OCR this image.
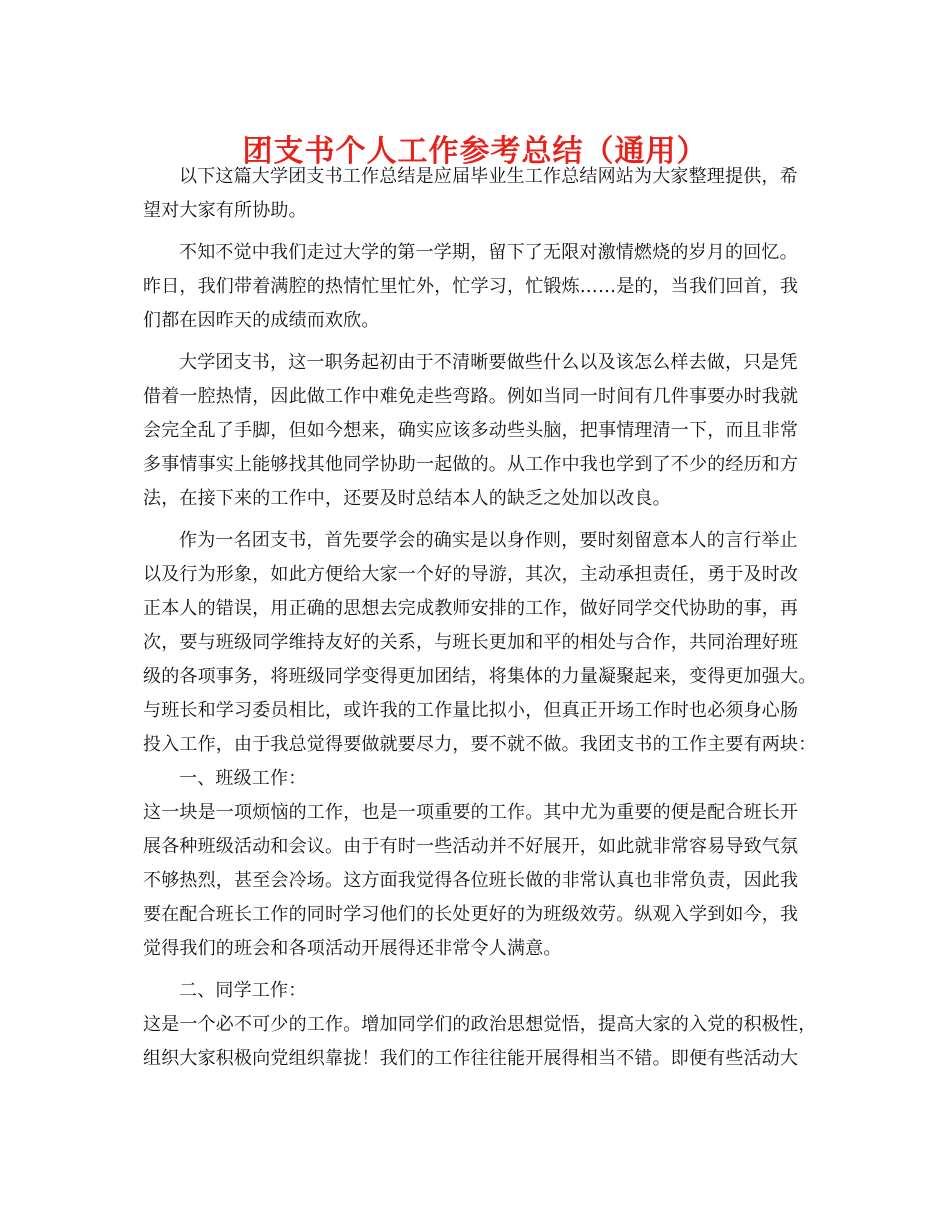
团支书个人工作参考总结（通用）
以下这篇大学团支书工作总结是应届毕业生工作总结网站为大家整理提供，希
望对大家有所协助。
不知不觉中我们走过大学的第一学期，留下了无限对激情燃烧的岁月的回忆。
昨日，我们带着满腔的热情忙里忙外，忙学习，忙锻炼……是的，当我们回首，我
们都在因昨天的成绩而欢欣。
大学团支书，这一职务起初由于不清晰要做些什么以及该怎么样去做，只是凭
借着一腔热情，因此做工作中难免走些弯路。例如当同一时间有几件事要办时我就
会完全乱了手脚，但如今想来，确实应该多动些头脑，把事情理清一下，而且非常
多事情事实上能够找其他同学协助一起做的。从工作中我也学到了不少的经历和方
法，在接下来的工作中，还要及时总结本人的缺乏之处加以改良。
作为一名团支书，首先要学会的确实是以身作则，要时刻留意本人的言行举止
以及行为形象，如此方便给大家一个好的导游，其次，主动承担责任，勇于及时改
正本人的错误，用正确的思想去完成教师安排的工作，做好同学交代协助的事，再
次，要与班级同学维持友好的关系，与班长更加和平的相处与合作，共同治理好班
级的各项事务，将班级同学变得更加团结，将集体的力量凝聚起来，变得更加强大。
与班长和学习委员相比，或许我的工作量比拟小，但真正开场工作时也必须身心肠
投入工作，由于我总觉得要做就要尽力，要不就不做。我团支书的工作主要有两块：
一、班级工作：
这一块是一项烦恼的工作，也是一项重要的工作。其中尤为重要的便是配合班长开
展各种班级活动和会议。由于有时一些活动并不好展开，如此就非常容易导致气氛
不够热烈，甚至会冷场。这方面我觉得各位班长做的非常认真也非常负责，因此我
要在配合班长工作的同时学习他们的长处更好的为班级效劳。纵观入学到如今，我
觉得我们的班会和各项活动开展得还非常令人满意。
二、同学工作：
这是一个必不可少的工作。增加同学们的政治思想觉悟，提高大家的入党的积极性，
组织大家积极向党组织靠拢！我们的工作往往能开展得相当不错。即便有些活动大
